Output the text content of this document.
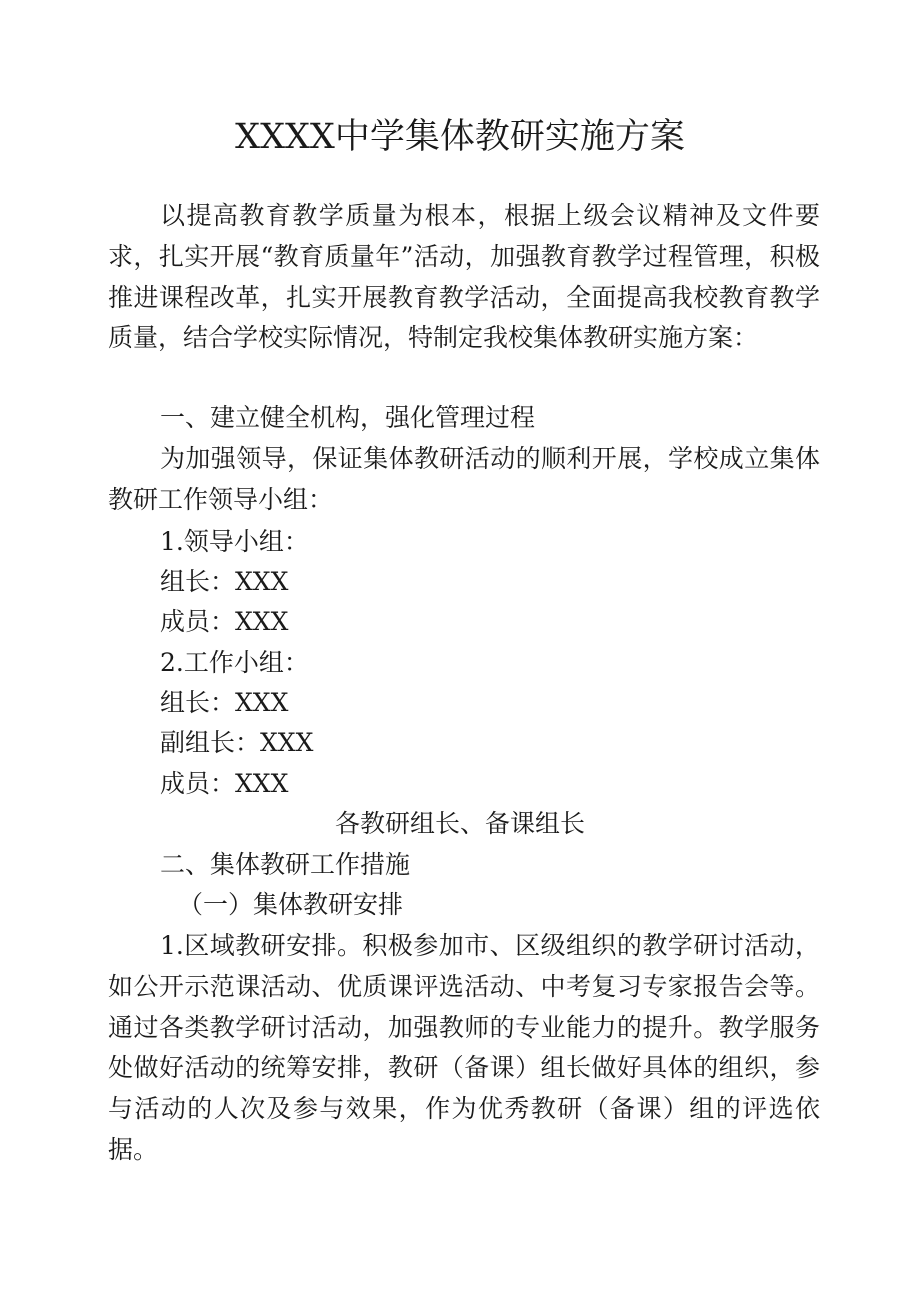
XXXX中学集体教研实施方案

以提高教育教学质量为根本，根据上级会议精神及文件要求，扎实开展“教育质量年”活动，加强教育教学过程管理，积极推进课程改革，扎实开展教育教学活动，全面提高我校教育教学质量，结合学校实际情况，特制定我校集体教研实施方案：

一、建立健全机构，强化管理过程

为加强领导，保证集体教研活动的顺利开展，学校成立集体教研工作领导小组：

1.领导小组：

组长：XXX

成员：XXX

2.工作小组：

组长：XXX

副组长：XXX

成员：XXX

各教研组长、备课组长

二、集体教研工作措施

（一）集体教研安排

1.区域教研安排。积极参加市、区级组织的教学研讨活动，如公开示范课活动、优质课评选活动、中考复习专家报告会等。通过各类教学研讨活动，加强教师的专业能力的提升。教学服务处做好活动的统筹安排，教研（备课）组长做好具体的组织，参与活动的人次及参与效果，作为优秀教研（备课）组的评选依据。
